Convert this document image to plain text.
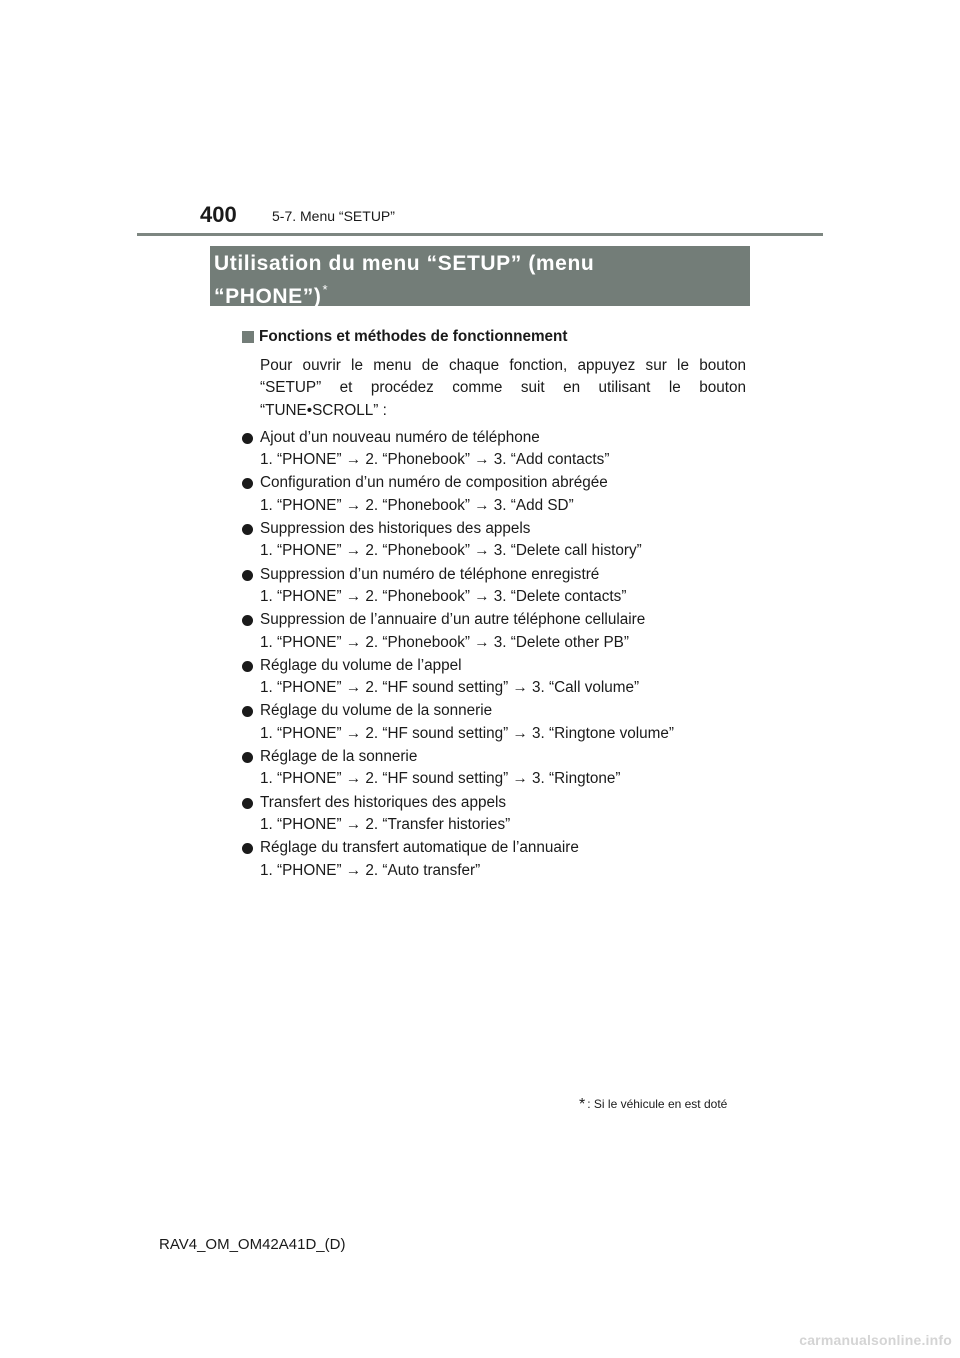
400	5-7. Menu “SETUP”
Utilisation du menu “SETUP” (menu
“PHONE”)*
Fonctions et méthodes de fonctionnement

Pour ouvrir le menu de chaque fonction, appuyez sur le bouton “SETUP” et procédez comme suit en utilisant le bouton “TUNE•SCROLL” :

Ajout d’un nouveau numéro de téléphone
1. “PHONE” → 2. “Phonebook” → 3. “Add contacts”
Configuration d’un numéro de composition abrégée
1. “PHONE” → 2. “Phonebook” → 3. “Add SD”
Suppression des historiques des appels
1. “PHONE” → 2. “Phonebook” → 3. “Delete call history”
Suppression d’un numéro de téléphone enregistré
1. “PHONE” → 2. “Phonebook” → 3. “Delete contacts”
Suppression de l’annuaire d’un autre téléphone cellulaire
1. “PHONE” → 2. “Phonebook” → 3. “Delete other PB”
Réglage du volume de l’appel
1. “PHONE” → 2. “HF sound setting” → 3. “Call volume”
Réglage du volume de la sonnerie
1. “PHONE” → 2. “HF sound setting” → 3. “Ringtone volume”
Réglage de la sonnerie
1. “PHONE” → 2. “HF sound setting” → 3. “Ringtone”
Transfert des historiques des appels
1. “PHONE” → 2. “Transfer histories”
Réglage du transfert automatique de l’annuaire
1. “PHONE” → 2. “Auto transfer”
* : Si le véhicule en est doté
RAV4_OM_OM42A41D_(D)
carmanualsonline.info
